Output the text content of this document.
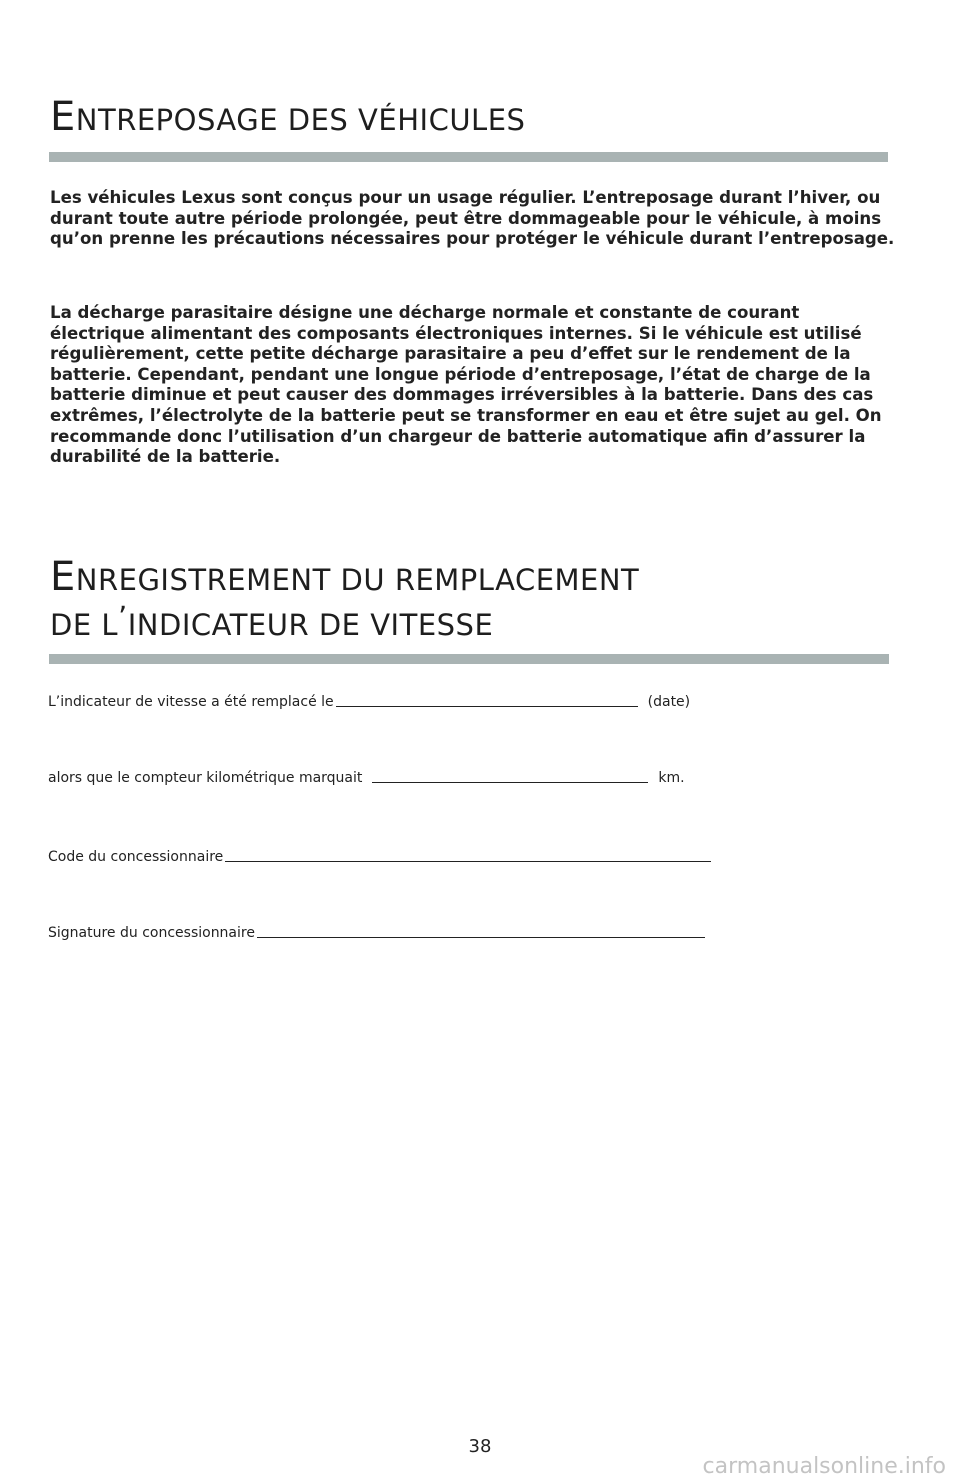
ENTREPOSAGE DES VÉHICULES

Les véhicules Lexus sont conçus pour un usage régulier. L’entreposage durant l’hiver, ou durant toute autre période prolongée, peut être dommageable pour le véhicule, à moins qu’on prenne les précautions nécessaires pour protéger le véhicule durant l’entreposage.

La décharge parasitaire désigne une décharge normale et constante de courant électrique alimentant des composants électroniques internes. Si le véhicule est utilisé régulièrement, cette petite décharge parasitaire a peu d’effet sur le rendement de la batterie. Cependant, pendant une longue période d’entreposage, l’état de charge de la batterie diminue et peut causer des dommages irréversibles à la batterie. Dans des cas extrêmes, l’électrolyte de la batterie peut se transformer en eau et être sujet au gel. On recommande donc l’utilisation d’un chargeur de batterie automatique afin d’assurer la durabilité de la batterie.

ENREGISTREMENT DU REMPLACEMENT
DE L’INDICATEUR DE VITESSE
L’indicateur de vitesse a été remplacé le	(date)
alors que le compteur kilométrique marquait	km.
Code du concessionnaire
Signature du concessionnaire
38
carmanualsonline.info
